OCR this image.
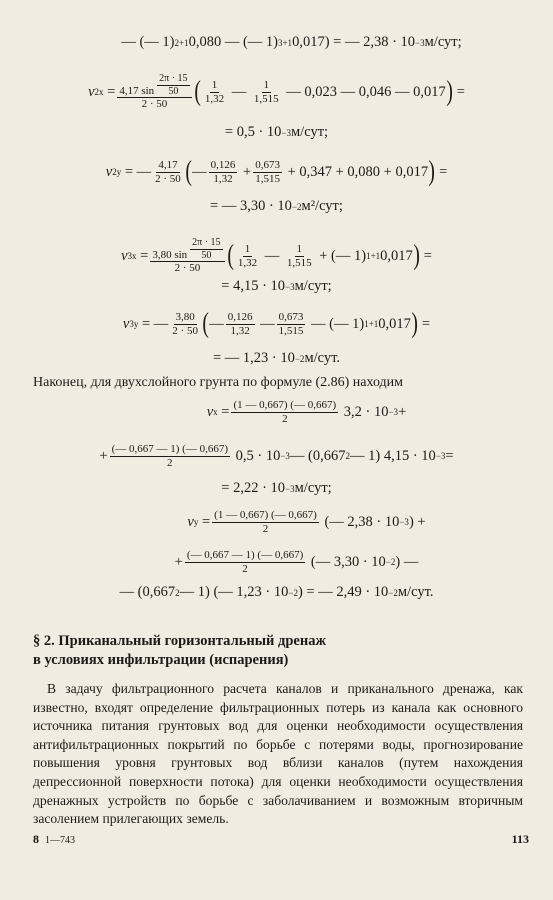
— (— 1) 2+1 0,080 — (— 1) 3+1 0,017) = — 2,38 · 10 −3 м/сут;
v 2x
= $\frac{4,17 \sin \frac{2\pi \cdot 15}{50}}{2 \cdot 50}$ ( $\frac{1}{1,32}$
—
$\frac{1}{1,515}$
— 0,023 — 0,046 — 0,017 )
=
= 0,5 · 10 −3 м/сут;
v 2y
= — $\frac{4,17}{2 \cdot 50}$ ( — $\frac{0,126}{1,32}$
+ $\frac{0,673}{1,515}$
+ 0,347 + 0,080 + 0,017 )
=
= — 3,30 · 10 −2 м²/сут;
v 3x
= $\frac{3,80 \sin \frac{2\pi \cdot 15}{50}}{2 \cdot 50}$ ( $\frac{1}{1,32}$
—
$\frac{1}{1,515}$
+ (— 1) 1+1 0,017 )
=
= 4,15 · 10 −3 м/сут;
v 3y
= — $\frac{3,80}{2 \cdot 50}$ ( — $\frac{0,126}{1,32}$
— $\frac{0,673}{1,515}$
— (— 1) 1+1 0,017 )
=
= — 1,23 · 10 −2 м/сут.
Наконец, для двухслойного грунта по формуле (2.86) находим
v x
= $\frac{(1 — 0,667) (— 0,667)}{2}$
3,2 · 10 −3 +
+ $\frac{(— 0,667 — 1) (— 0,667)}{2}$
0,5 · 10 −3 — (0,667 2 — 1) 4,15 · 10 −3 =
= 2,22 · 10 −3 м/сут;
v y
= $\frac{(1 — 0,667) (— 0,667)}{2}$
(— 2,38 · 10 −3 ) +
+ $\frac{(— 0,667 — 1) (— 0,667)}{2}$
(— 3,30 · 10 −2 ) —
— (0,667 2 — 1) (— 1,23 · 10 −2 ) = — 2,49 · 10 −2 м/сут.
§ 2. Приканальный горизонтальный дренаж
в условиях инфильтрации (испарения)
В задачу фильтрационного расчета каналов и приканального дренажа, как известно, входят определение фильтрационных потерь из канала как основного источника питания грунтовых вод для оценки необходимости осуществления антифильтрационных покрытий по борьбе с потерями воды, прогнозирование повышения уровня грунтовых вод вблизи каналов (путем нахождения депрессионной поверхности потока) для оценки необходимости осуществления дренажных устройств по борьбе с заболачиванием и возможным вторичным засолением прилегающих земель.
8 1—743	113
